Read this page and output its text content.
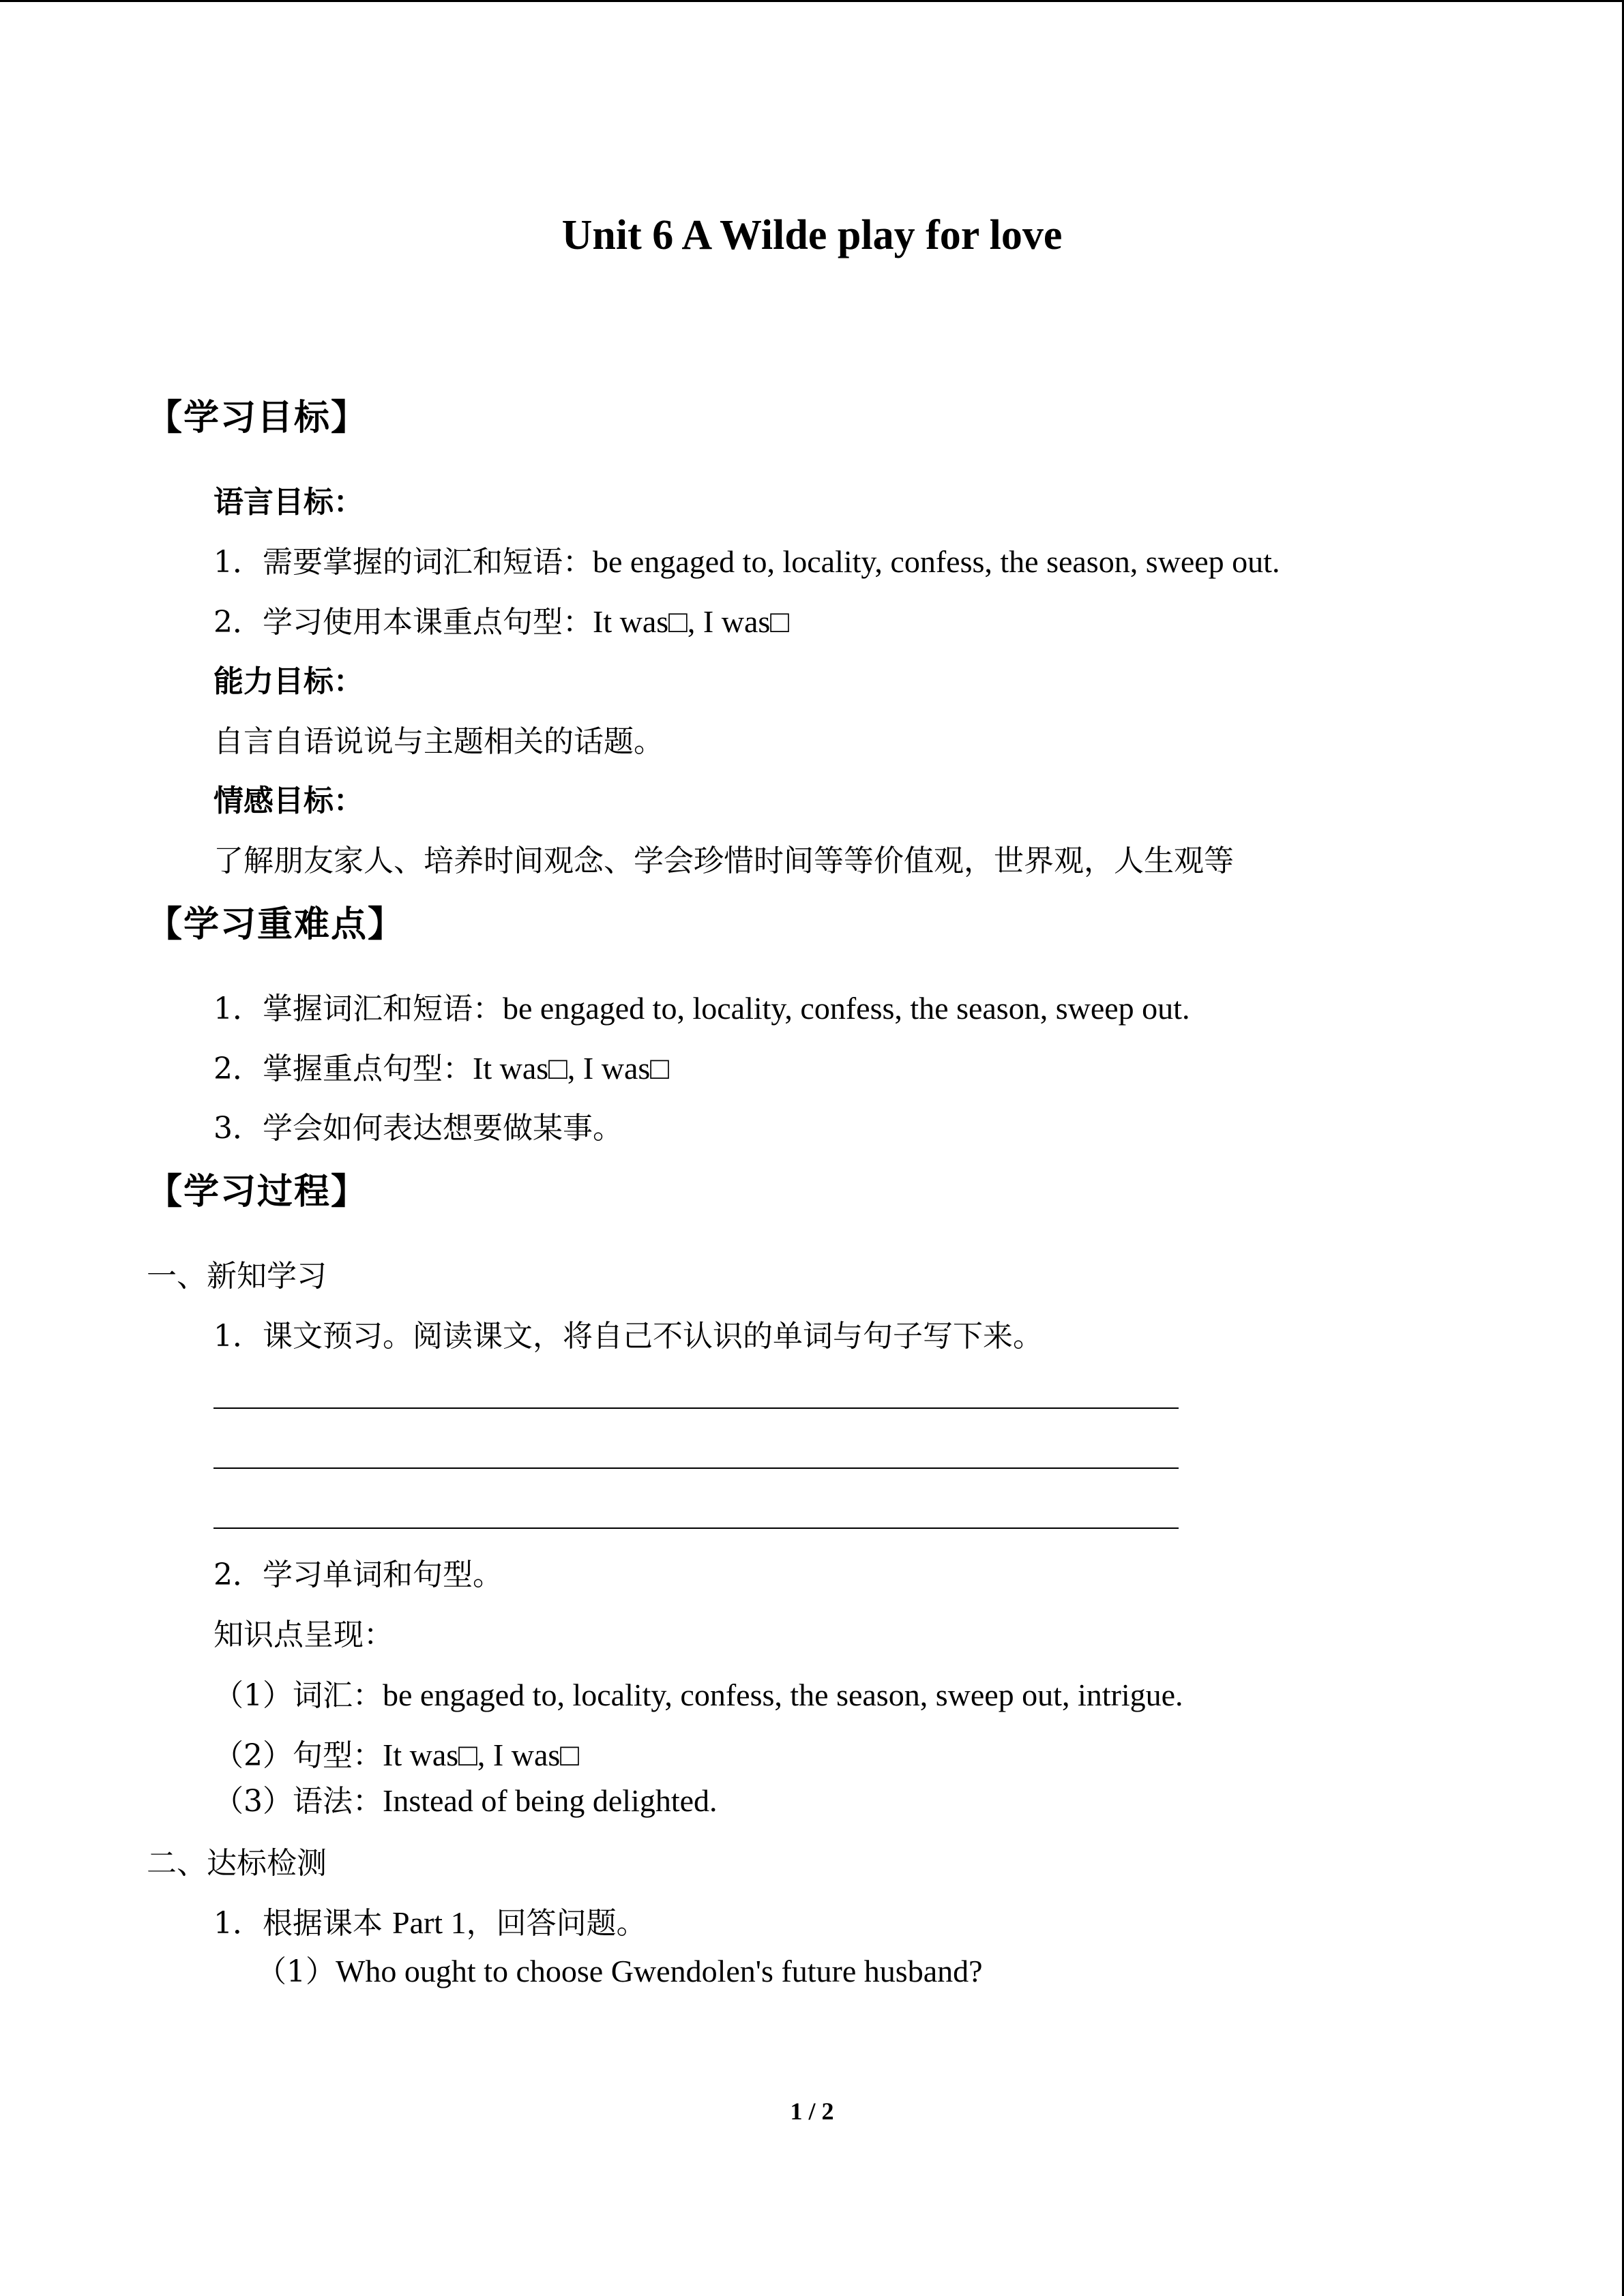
Unit 6 A Wilde play for love
【学习目标】
语言目标：
1．需要掌握的词汇和短语：be engaged to, locality, confess, the season, sweep out.
2．学习使用本课重点句型：It was□, I was□
能力目标：
自言自语说说与主题相关的话题。
情感目标：
了解朋友家人、培养时间观念、学会珍惜时间等等价值观，世界观，人生观等
【学习重难点】
1．掌握词汇和短语：be engaged to, locality, confess, the season, sweep out.
2．掌握重点句型：It was□, I was□
3．学会如何表达想要做某事。
【学习过程】
一、新知学习
1．课文预习。阅读课文，将自己不认识的单词与句子写下来。
2．学习单词和句型。
知识点呈现：
（1）词汇：be engaged to, locality, confess, the season, sweep out, intrigue.
（2）句型：It was□, I was□
（3）语法：Instead of being delighted.
二、达标检测
1．根据课本 Part 1，回答问题。
（1）Who ought to choose Gwendolen's future husband?
1 / 2
